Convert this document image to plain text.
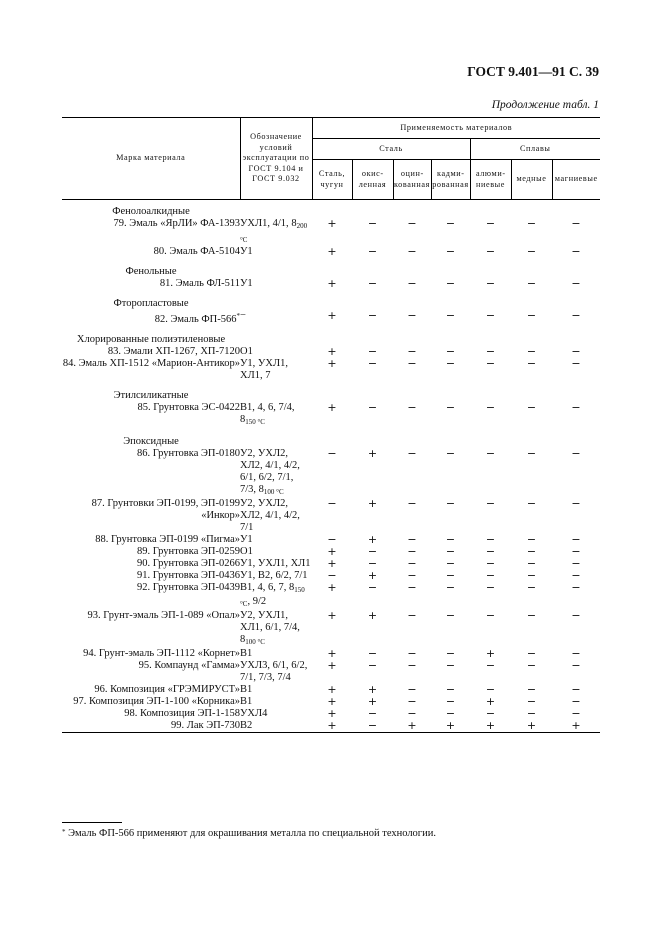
ГОСТ 9.401—91 С. 39
Продолжение табл. 1
Марка материала	Обозначение условий эксплуатации по ГОСТ 9.104 и ГОСТ 9.032	Применяемость материалов						
		Сталь				Сплавы		
		Сталь, чугун	окисленная	оцинкованная	кадмированная	алюминиевые	медные	магниевые

Фенолоалкидные								
79. Эмаль «ЯрЛИ» ФА-1393	УХЛ1, 4/1, $8_{200 ^\circ С}$	+	−	−	−	−	−	−
80. Эмаль ФА-5104	У1	+	−	−	−	−	−	−
Фенольные								
81. Эмаль ФЛ-511	У1	+	−	−	−	−	−	−
Фторопластовые								
82. Эмаль ФП-566*	−	+	−	−	−	−	−	−
Хлорированные полиэтиленовые								
83. Эмали ХП-1267, ХП-7120	О1	+	−	−	−	−	−	−
84. Эмаль ХП-1512 «Марион-Антикор»	У1, УХЛ1, ХЛ1, 7	+	−	−	−	−	−	−
Этилсиликатные								
85. Грунтовка ЭС-0422	В1, 4, 6, 7/4, $8_{150 ^\circ С}$	+	−	−	−	−	−	−
Эпоксидные								
86. Грунтовка ЭП-0180	У2, УХЛ2, ХЛ2, 4/1, 4/2, 6/1, 6/2, 7/1, 7/3, $8_{100 ^\circ С}$	−	+	−	−	−	−	−
87. Грунтовки ЭП-0199, ЭП-0199 «Инкор»	У2, УХЛ2, ХЛ2, 4/1, 4/2, 7/1	−	+	−	−	−	−	−
88. Грунтовка ЭП-0199 «Пигма»	У1	−	+	−	−	−	−	−
89. Грунтовка ЭП-0259	О1	+	−	−	−	−	−	−
90. Грунтовка ЭП-0266	У1, УХЛ1, ХЛ1	+	−	−	−	−	−	−
91. Грунтовка ЭП-0436	У1, В2, 6/2, 7/1	−	+	−	−	−	−	−
92. Грунтовка ЭП-0439	В1, 4, 6, 7, $8_{150 ^\circ С}$, 9/2	+	−	−	−	−	−	−
93. Грунт-эмаль ЭП-1-089 «Опал»	У2, УХЛ1, ХЛ1, 6/1, 7/4, $8_{100 ^\circ С}$	+	+	−	−	−	−	−
94. Грунт-эмаль ЭП-1112 «Корнет»	В1	+	−	−	−	+	−	−
95. Компаунд «Гамма»	УХЛ3, 6/1, 6/2, 7/1, 7/3, 7/4	+	−	−	−	−	−	−
96. Композиция «ГРЭМИРУСТ»	В1	+	+	−	−	−	−	−
97. Композиция ЭП-1-100 «Корника»	В1	+	+	−	−	+	−	−
98. Композиция ЭП-1-158	УХЛ4	+	−	−	−	−	−	−
99. Лак ЭП-730	В2	+	−	+	+	+	+	+
* Эмаль ФП-566 применяют для окрашивания металла по специальной технологии.
